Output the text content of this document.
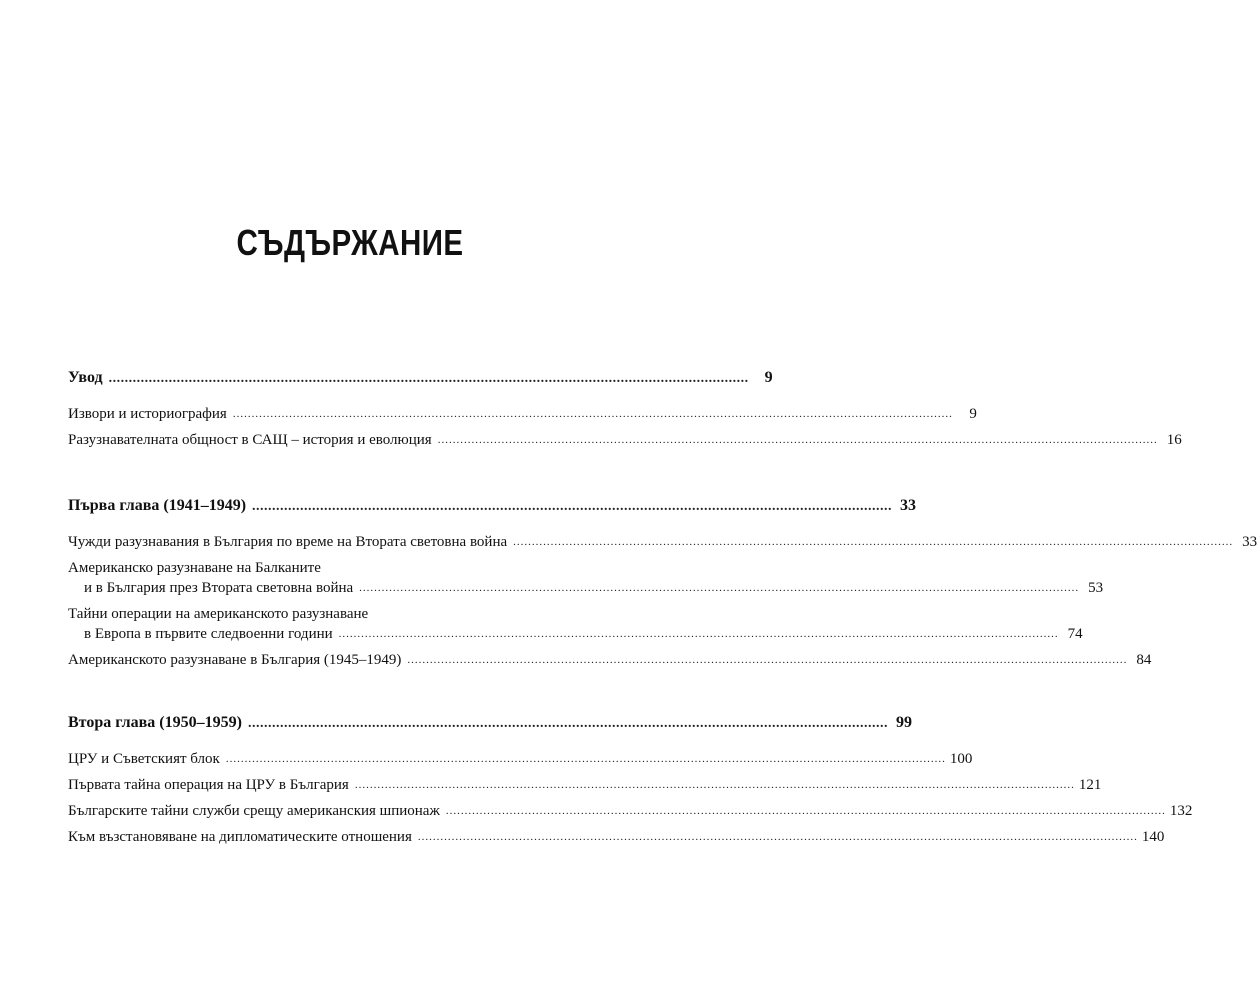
СЪДЪРЖАНИЕ
Увод ................................................................................................................................................................	9
Извори и историография ................................................................................................................................................................................................	9
Разузнавателната общност в САЩ – история и еволюция ................................................................................................................................................................................................ 16
Първа глава (1941–1949) ................................................................................................................................................................ 33
Чужди разузнавания в България по време на Втората световна война ................................................................................................................................................................................................ 33
Американско разузнаване на Балканите
и в България през Втората световна война ................................................................................................................................................................................................ 53
Тайни операции на американското разузнаване
в Европа в първите следвоенни години ................................................................................................................................................................................................ 74
Американското разузнаване в България (1945–1949) ................................................................................................................................................................................................ 84
Втора глава (1950–1959) ................................................................................................................................................................ 99
ЦРУ и Съветският блок ................................................................................................................................................................................................ 100
Първата тайна операция на ЦРУ в България ................................................................................................................................................................................................ 121
Българските тайни служби срещу американския шпионаж ................................................................................................................................................................................................ 132
Към възстановяване на дипломатическите отношения ................................................................................................................................................................................................ 140
